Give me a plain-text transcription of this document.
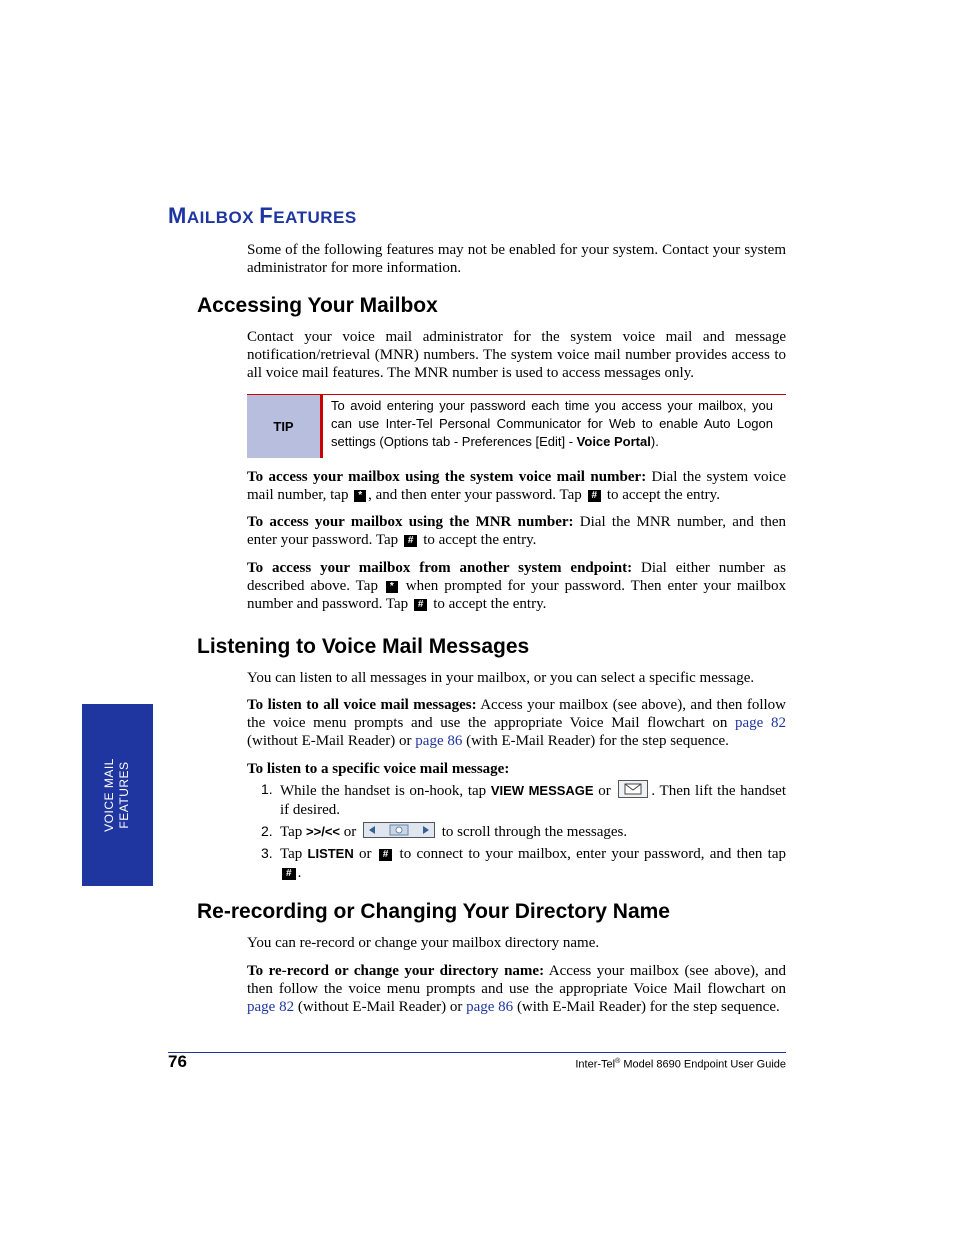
MAILBOX FEATURES
Some of the following features may not be enabled for your system. Contact your system administrator for more information.
Accessing Your Mailbox
Contact your voice mail administrator for the system voice mail and message notification/retrieval (MNR) numbers. The system voice mail number provides access to all voice mail features. The MNR number is used to access messages only.
TIP
To avoid entering your password each time you access your mailbox, you can use Inter-Tel Personal Communicator for Web to enable Auto Logon settings (Options tab - Preferences [Edit] - Voice Portal).
To access your mailbox using the system voice mail number: Dial the system voice mail number, tap * , and then enter your password. Tap # to accept the entry.
To access your mailbox using the MNR number: Dial the MNR number, and then enter your password. Tap # to accept the entry.
To access your mailbox from another system endpoint: Dial either number as described above. Tap * when prompted for your password. Then enter your mailbox number and password. Tap # to accept the entry.
Listening to Voice Mail Messages
You can listen to all messages in your mailbox, or you can select a specific message.
To listen to all voice mail messages: Access your mailbox (see above), and then follow the voice menu prompts and use the appropriate Voice Mail flowchart on page 82 (without E-Mail Reader) or page 86 (with E-Mail Reader) for the step sequence.
To listen to a specific voice mail message:
1. While the handset is on-hook, tap VIEW MESSAGE or
. Then lift the handset if desired.
2. Tap >>/<< or	to scroll through the messages.
3. Tap LISTEN or # to connect to your mailbox, enter your password, and then tap # .
VOICE MAIL FEATURES
Re-recording or Changing Your Directory Name
You can re-record or change your mailbox directory name.
To re-record or change your directory name: Access your mailbox (see above), and then follow the voice menu prompts and use the appropriate Voice Mail flowchart on page 82 (without E-Mail Reader) or page 86 (with E-Mail Reader) for the step sequence.
76	Inter-Tel® Model 8690 Endpoint User Guide
